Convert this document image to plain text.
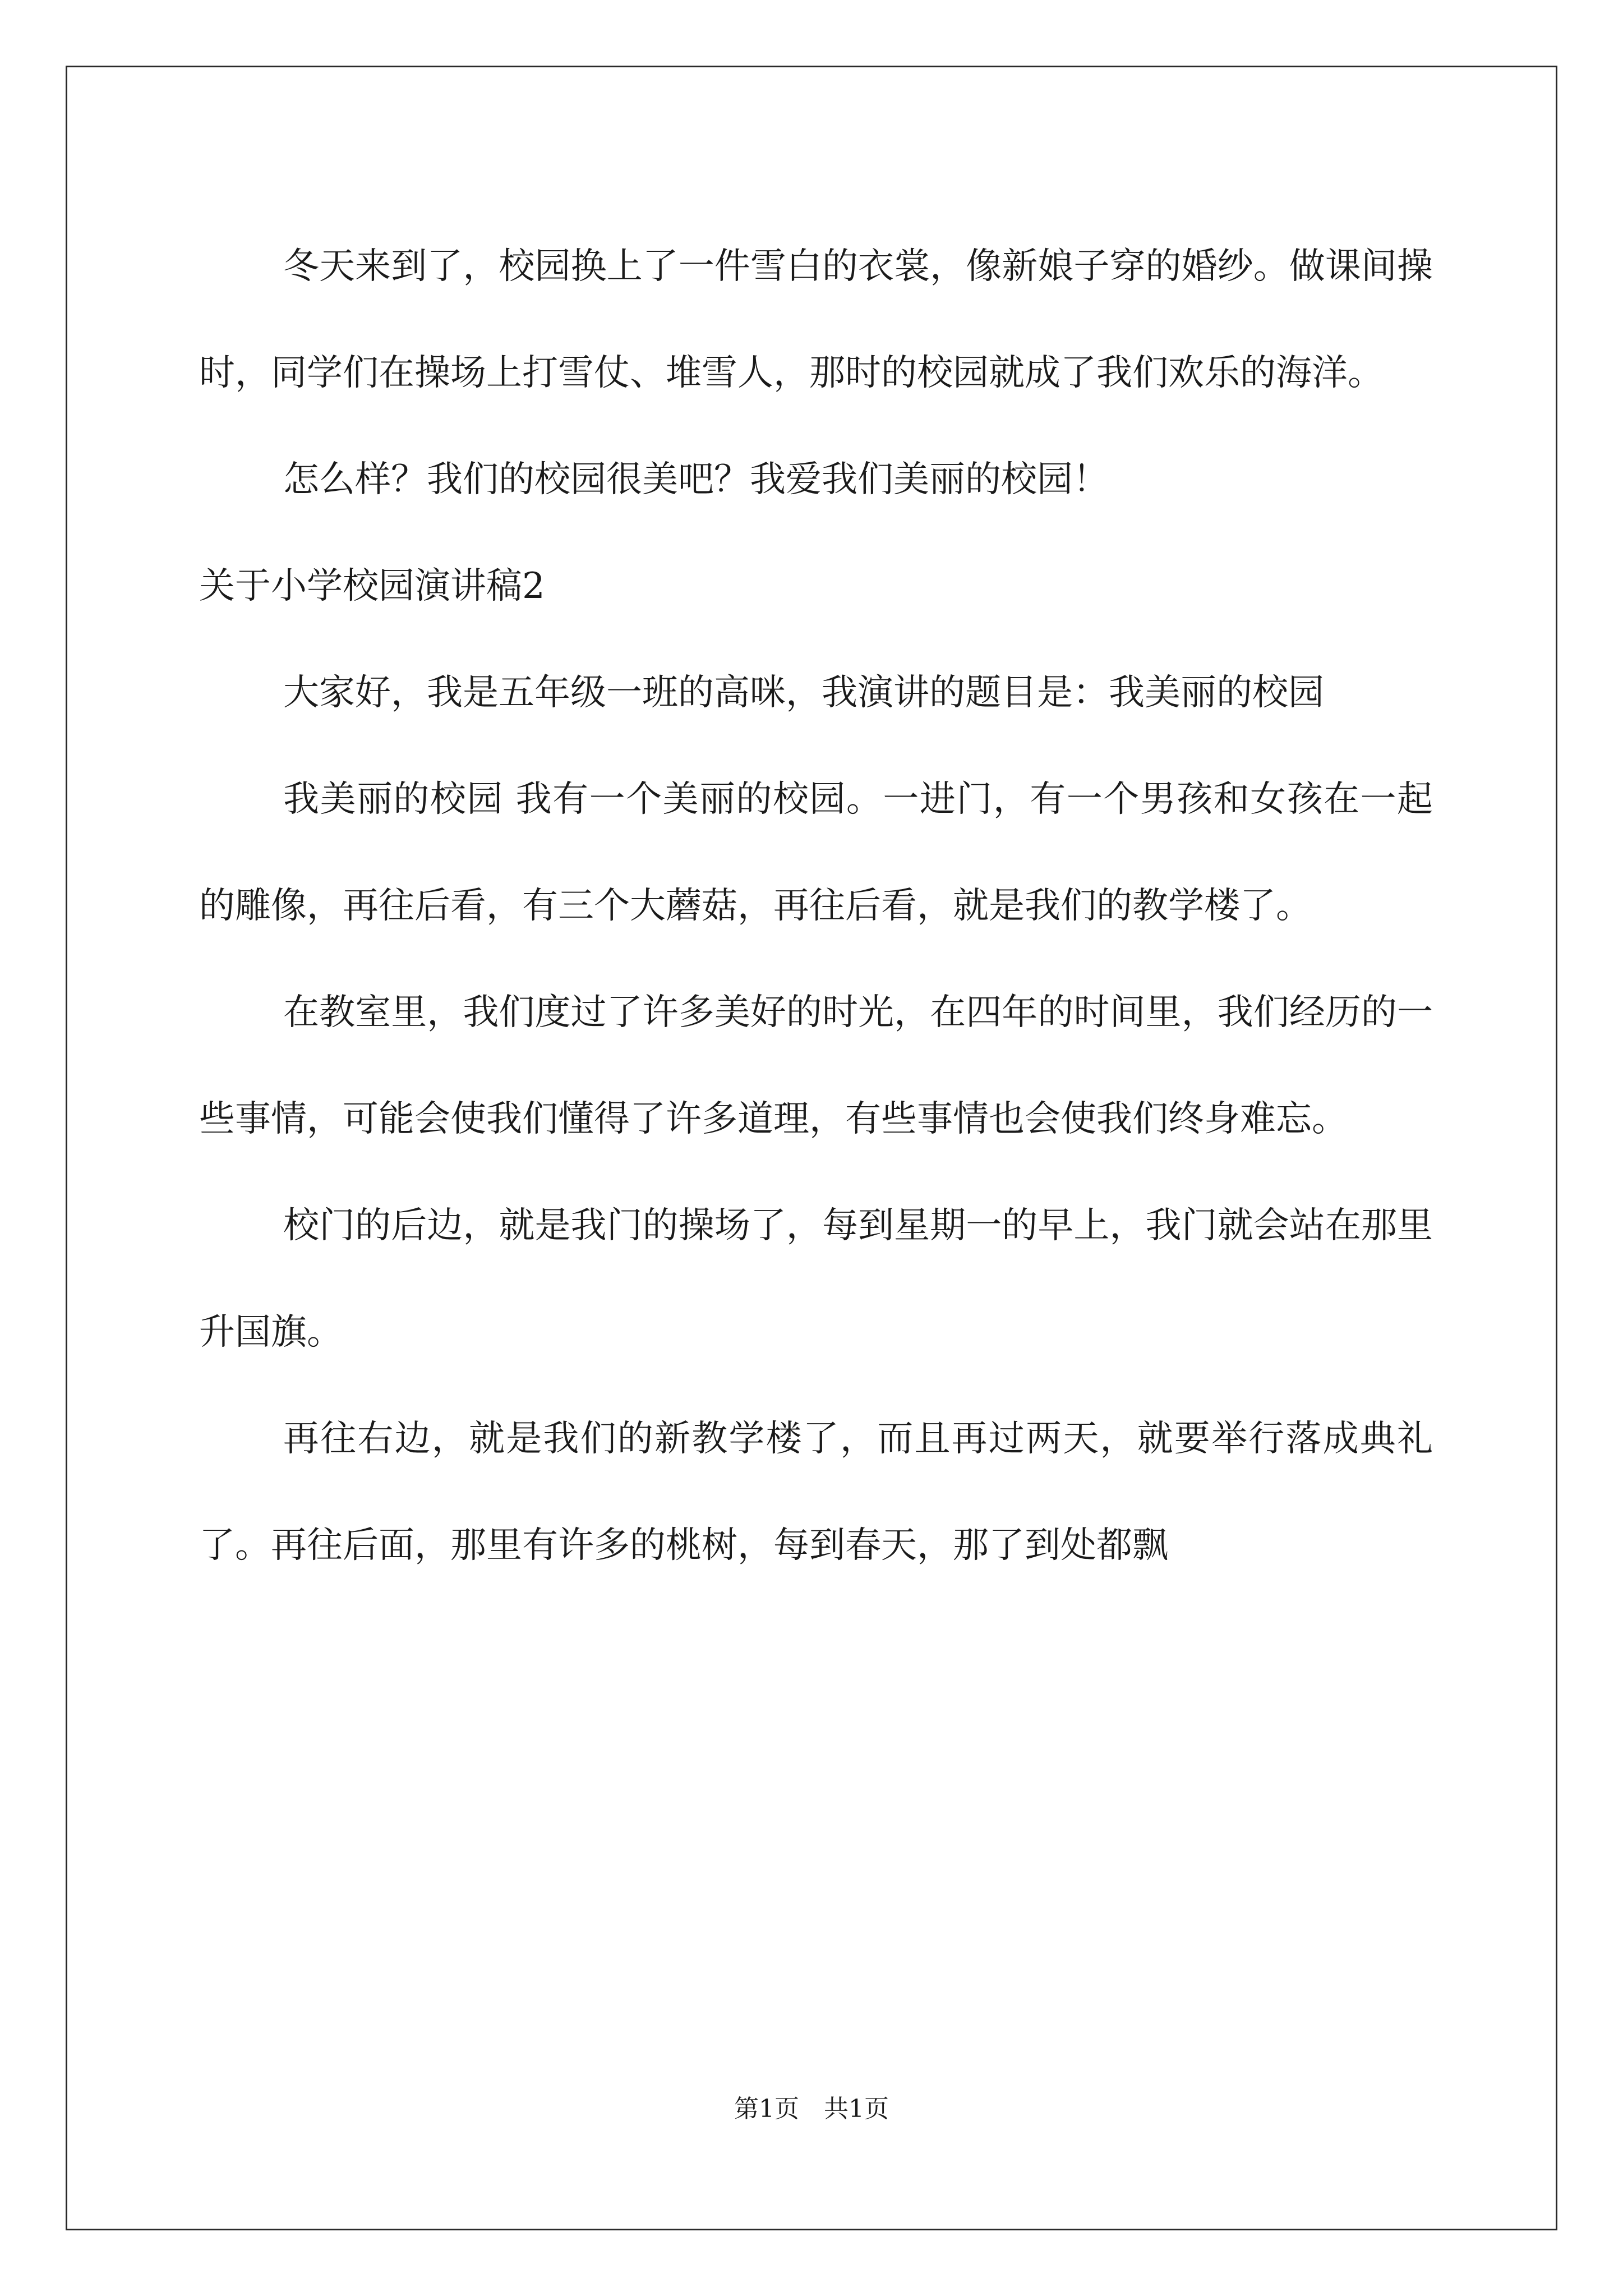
冬天来到了，校园换上了一件雪白的衣裳，像新娘子穿的婚纱。做课间操时，同学们在操场上打雪仗、堆雪人，那时的校园就成了我们欢乐的海洋。

怎么样？我们的校园很美吧？我爱我们美丽的校园！

关于小学校园演讲稿2

大家好，我是五年级一班的高咪，我演讲的题目是：我美丽的校园

我美丽的校园 我有一个美丽的校园。一进门，有一个男孩和女孩在一起的雕像，再往后看，有三个大蘑菇，再往后看，就是我们的教学楼了。

在教室里，我们度过了许多美好的时光，在四年的时间里，我们经历的一些事情，可能会使我们懂得了许多道理，有些事情也会使我们终身难忘。

校门的后边，就是我门的操场了，每到星期一的早上，我门就会站在那里升国旗。

再往右边，就是我们的新教学楼了，而且再过两天，就要举行落成典礼了。再往后面，那里有许多的桃树，每到春天，那了到处都飘

第1页　共1页
